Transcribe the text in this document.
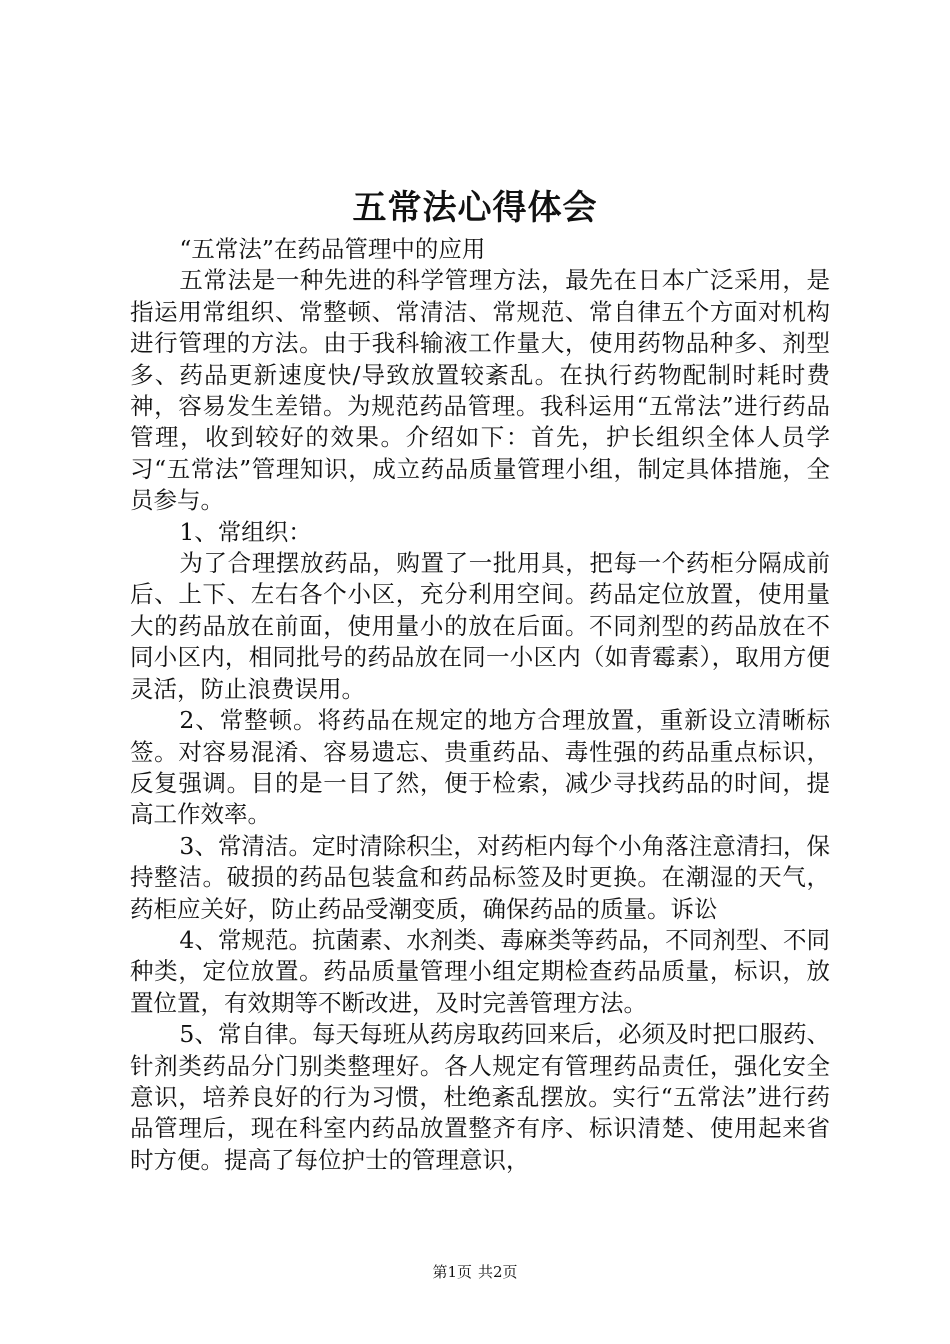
五常法心得体会

“五常法”在药品管理中的应用

五常法是一种先进的科学管理方法，最先在日本广泛采用，是指运用常组织、常整顿、常清洁、常规范、常自律五个方面对机构进行管理的方法。由于我科输液工作量大，使用药物品种多、剂型多、药品更新速度快/导致放置较紊乱。在执行药物配制时耗时费神，容易发生差错。为规范药品管理。我科运用“五常法”进行药品管理，收到较好的效果。介绍如下：首先，护长组织全体人员学习“五常法”管理知识，成立药品质量管理小组，制定具体措施，全员参与。

1、常组织：

为了合理摆放药品，购置了一批用具，把每一个药柜分隔成前后、上下、左右各个小区，充分利用空间。药品定位放置，使用量大的药品放在前面，使用量小的放在后面。不同剂型的药品放在不同小区内，相同批号的药品放在同一小区内（如青霉素），取用方便灵活，防止浪费误用。

2、常整顿。将药品在规定的地方合理放置，重新设立清晰标签。对容易混淆、容易遗忘、贵重药品、毒性强的药品重点标识，反复强调。目的是一目了然，便于检索，减少寻找药品的时间，提高工作效率。

3、常清洁。定时清除积尘，对药柜内每个小角落注意清扫，保持整洁。破损的药品包装盒和药品标签及时更换。在潮湿的天气，药柜应关好，防止药品受潮变质，确保药品的质量。诉讼

4、常规范。抗菌素、水剂类、毒麻类等药品，不同剂型、不同种类，定位放置。药品质量管理小组定期检查药品质量，标识，放置位置，有效期等不断改进，及时完善管理方法。

5、常自律。每天每班从药房取药回来后，必须及时把口服药、针剂类药品分门别类整理好。各人规定有管理药品责任，强化安全意识，培养良好的行为习惯，杜绝紊乱摆放。实行“五常法”进行药品管理后，现在科室内药品放置整齐有序、标识清楚、使用起来省时方便。提高了每位护士的管理意识，

第1页 共2页
